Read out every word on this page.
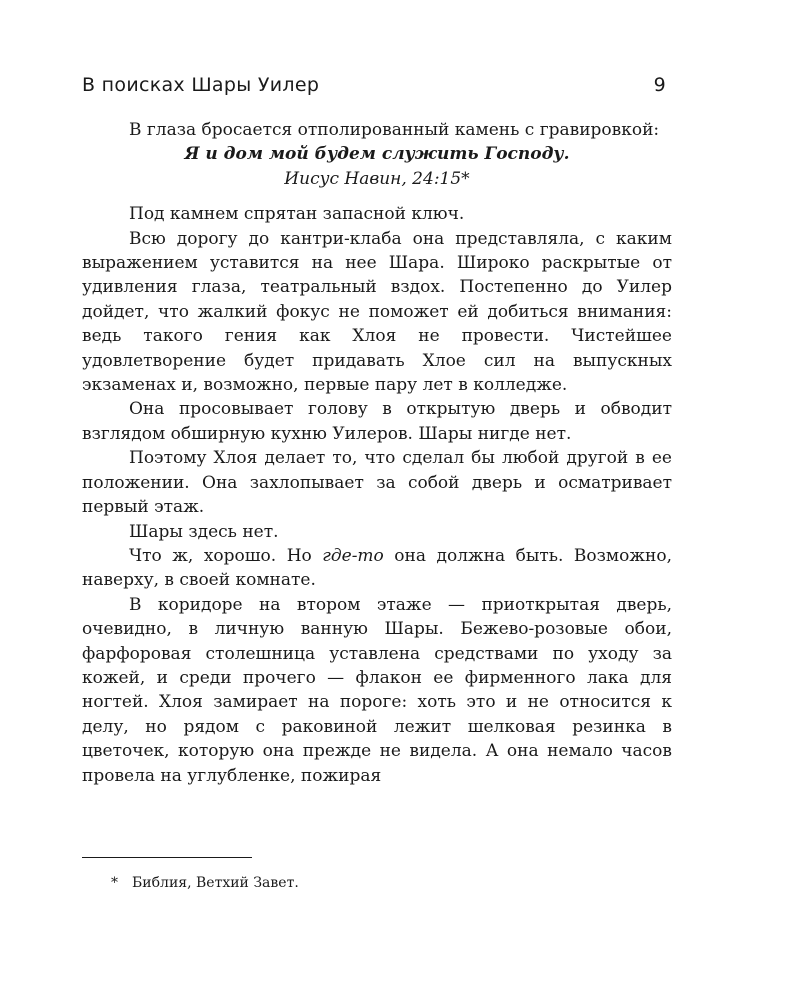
В поисках Шары Уилер	9

В глаза бросается отполированный камень с гравировкой:

Я и дом мой будем служить Господу.

Иисус Навин, 24:15*

Под камнем спрятан запасной ключ.

Всю дорогу до кантри-клаба она представляла, с каким выражением уставится на нее Шара. Широко раскрытые от удивления глаза, театральный вздох. Постепенно до Уилер дойдет, что жалкий фокус не поможет ей добиться внимания: ведь такого гения как Хлоя не провести. Чистейшее удовлетворение будет придавать Хлое сил на выпускных экзаменах и, возможно, первые пару лет в колледже.

Она просовывает голову в открытую дверь и обводит взглядом обширную кухню Уилеров. Шары нигде нет.

Поэтому Хлоя делает то, что сделал бы любой другой в ее положении. Она захлопывает за собой дверь и осматривает первый этаж.

Шары здесь нет.

Что ж, хорошо. Но где-то она должна быть. Возможно, наверху, в своей комнате.

В коридоре на втором этаже — приоткрытая дверь, очевидно, в личную ванную Шары. Бежево-розовые обои, фарфоровая столешница уставлена средствами по уходу за кожей, и среди прочего — флакон ее фирменного лака для ногтей. Хлоя замирает на пороге: хоть это и не относится к делу, но рядом с раковиной лежит шелковая резинка в цветочек, которую она прежде не видела. А она немало часов провела на углубленке, пожирая

* Библия, Ветхий Завет.
